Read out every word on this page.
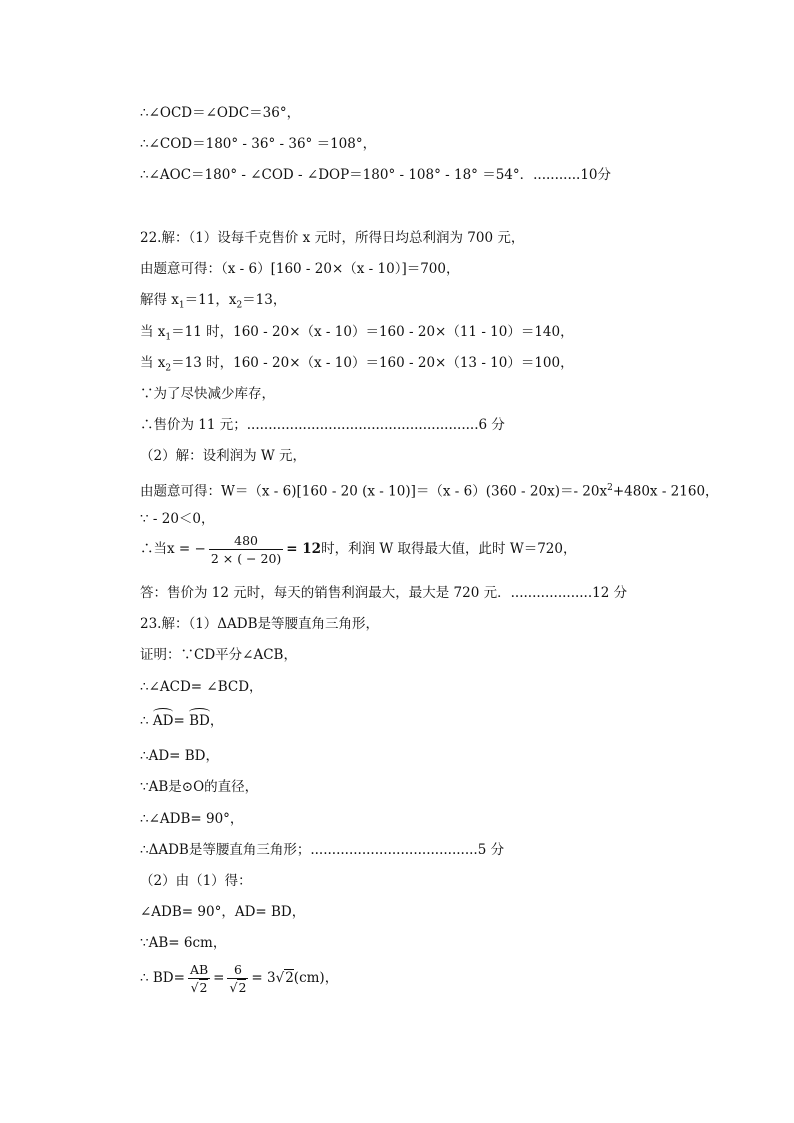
∴∠OCD＝∠ODC＝36°，
∴∠COD＝180° - 36° - 36° ＝108°，
∴∠AOC＝180° - ∠COD - ∠DOP＝180° - 108° - 18° ＝54°．...........10分
22.解：（1）设每千克售价 x 元时，所得日均总利润为 700 元，
由题意可得：（x - 6）[160 - 20×（x - 10）]＝700，
解得 $x_1=11$，$x_2=13$，
当 $x_1=11$ 时，160 - 20×（x - 10）＝160 - 20×（11 - 10）＝140，
当 $x_2=13$ 时，160 - 20×（x - 10）＝160 - 20×（13 - 10）＝100，
∵为了尽快减少库存，
∴售价为 11 元；......................................................6 分
（2）解：设利润为 W 元，
由题意可得：W＝（x - 6)[160 - 20 (x - 10)]＝（x - 6）(360 - 20x)＝- $20x^2+480x - 2160$，
∵ - 20＜0，
∴当x = − $\frac{480}{2 \times ( - 20)} = 12$时，利润 W 取得最大值，此时 W＝720，
答：售价为 12 元时，每天的销售利润最大，最大是 720 元．...................12 分
23.解：（1）ΔADB是等腰直角三角形，
证明：∵CD平分∠ACB，
∴∠ACD= ∠BCD，
∴ AD= BD，
∴AD= BD，
∵AB是⊙O的直径，
∴∠ADB= 90°，
∴ΔADB是等腰直角三角形；.......................................5 分
（2）由（1）得：
∠ADB= 90°，AD= BD，
∵AB= 6cm，
∴ $BD= \frac{AB}{√2} = \frac{6}{√2} = 3√2(cm)$，
